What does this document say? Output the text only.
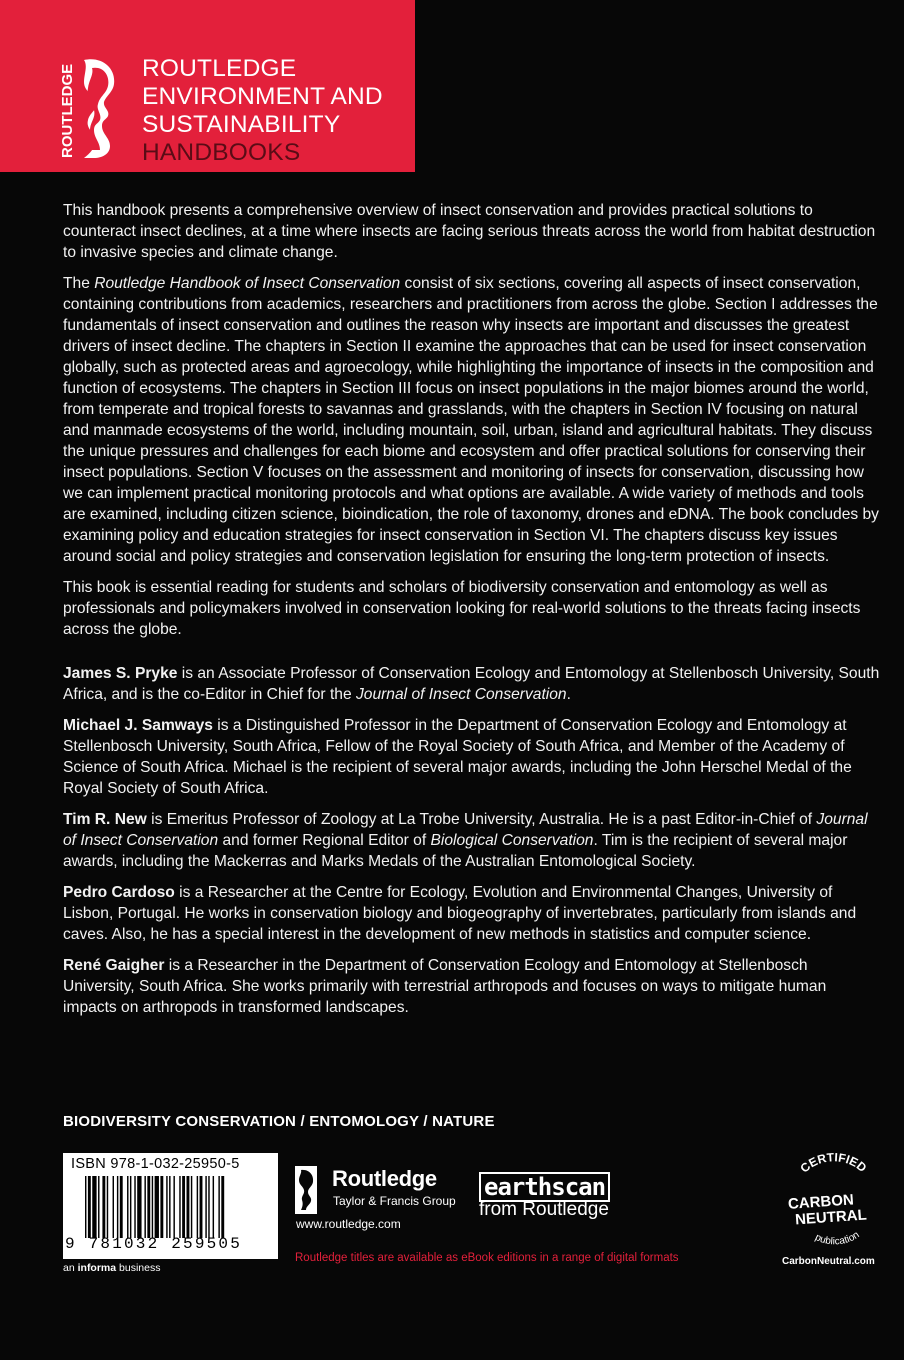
ROUTLEDGE	ROUTLEDGE
ENVIRONMENT AND
SUSTAINABILITY
HANDBOOKS

This handbook presents a comprehensive overview of insect conservation and provides practical solutions to counteract insect declines, at a time where insects are facing serious threats across the world from habitat destruction to invasive species and climate change.

The Routledge Handbook of Insect Conservation consist of six sections, covering all aspects of insect conservation, containing contributions from academics, researchers and practitioners from across the globe. Section I addresses the fundamentals of insect conservation and outlines the reason why insects are important and discusses the greatest drivers of insect decline. The chapters in Section II examine the approaches that can be used for insect conservation globally, such as protected areas and agroecology, while highlighting the importance of insects in the composition and function of ecosystems. The chapters in Section III focus on insect populations in the major biomes around the world, from temperate and tropical forests to savannas and grasslands, with the chapters in Section IV focusing on natural and manmade ecosystems of the world, including mountain, soil, urban, island and agricultural habitats. They discuss the unique pressures and challenges for each biome and ecosystem and offer practical solutions for conserving their insect populations. Section V focuses on the assessment and monitoring of insects for conservation, discussing how we can implement practical monitoring protocols and what options are available. A wide variety of methods and tools are examined, including citizen science, bioindication, the role of taxonomy, drones and eDNA. The book concludes by examining policy and education strategies for insect conservation in Section VI. The chapters discuss key issues around social and policy strategies and conservation legislation for ensuring the long-term protection of insects.

This book is essential reading for students and scholars of biodiversity conservation and entomology as well as professionals and policymakers involved in conservation looking for real-world solutions to the threats facing insects across the globe.

James S. Pryke is an Associate Professor of Conservation Ecology and Entomology at Stellenbosch University, South Africa, and is the co-Editor in Chief for the Journal of Insect Conservation.

Michael J. Samways is a Distinguished Professor in the Department of Conservation Ecology and Entomology at Stellenbosch University, South Africa, Fellow of the Royal Society of South Africa, and Member of the Academy of Science of South Africa. Michael is the recipient of several major awards, including the John Herschel Medal of the Royal Society of South Africa.

Tim R. New is Emeritus Professor of Zoology at La Trobe University, Australia. He is a past Editor-in-Chief of Journal of Insect Conservation and former Regional Editor of Biological Conservation. Tim is the recipient of several major awards, including the Mackerras and Marks Medals of the Australian Entomological Society.

Pedro Cardoso is a Researcher at the Centre for Ecology, Evolution and Environmental Changes, University of Lisbon, Portugal. He works in conservation biology and biogeography of invertebrates, particularly from islands and caves. Also, he has a special interest in the development of new methods in statistics and computer science.

René Gaigher is a Researcher in the Department of Conservation Ecology and Entomology at Stellenbosch University, South Africa. She works primarily with terrestrial arthropods and focuses on ways to mitigate human impacts on arthropods in transformed landscapes.

BIODIVERSITY CONSERVATION / ENTOMOLOGY / NATURE
ISBN 978-1-032-25950-5
9 781032 259505
an informa business
Routledge
Taylor & Francis Group
www.routledge.com
earthscan
from Routledge
Routledge titles are available as eBook editions in a range of digital formats
CERTIFIED
CARBON
NEUTRAL
publication
CarbonNeutral.com
